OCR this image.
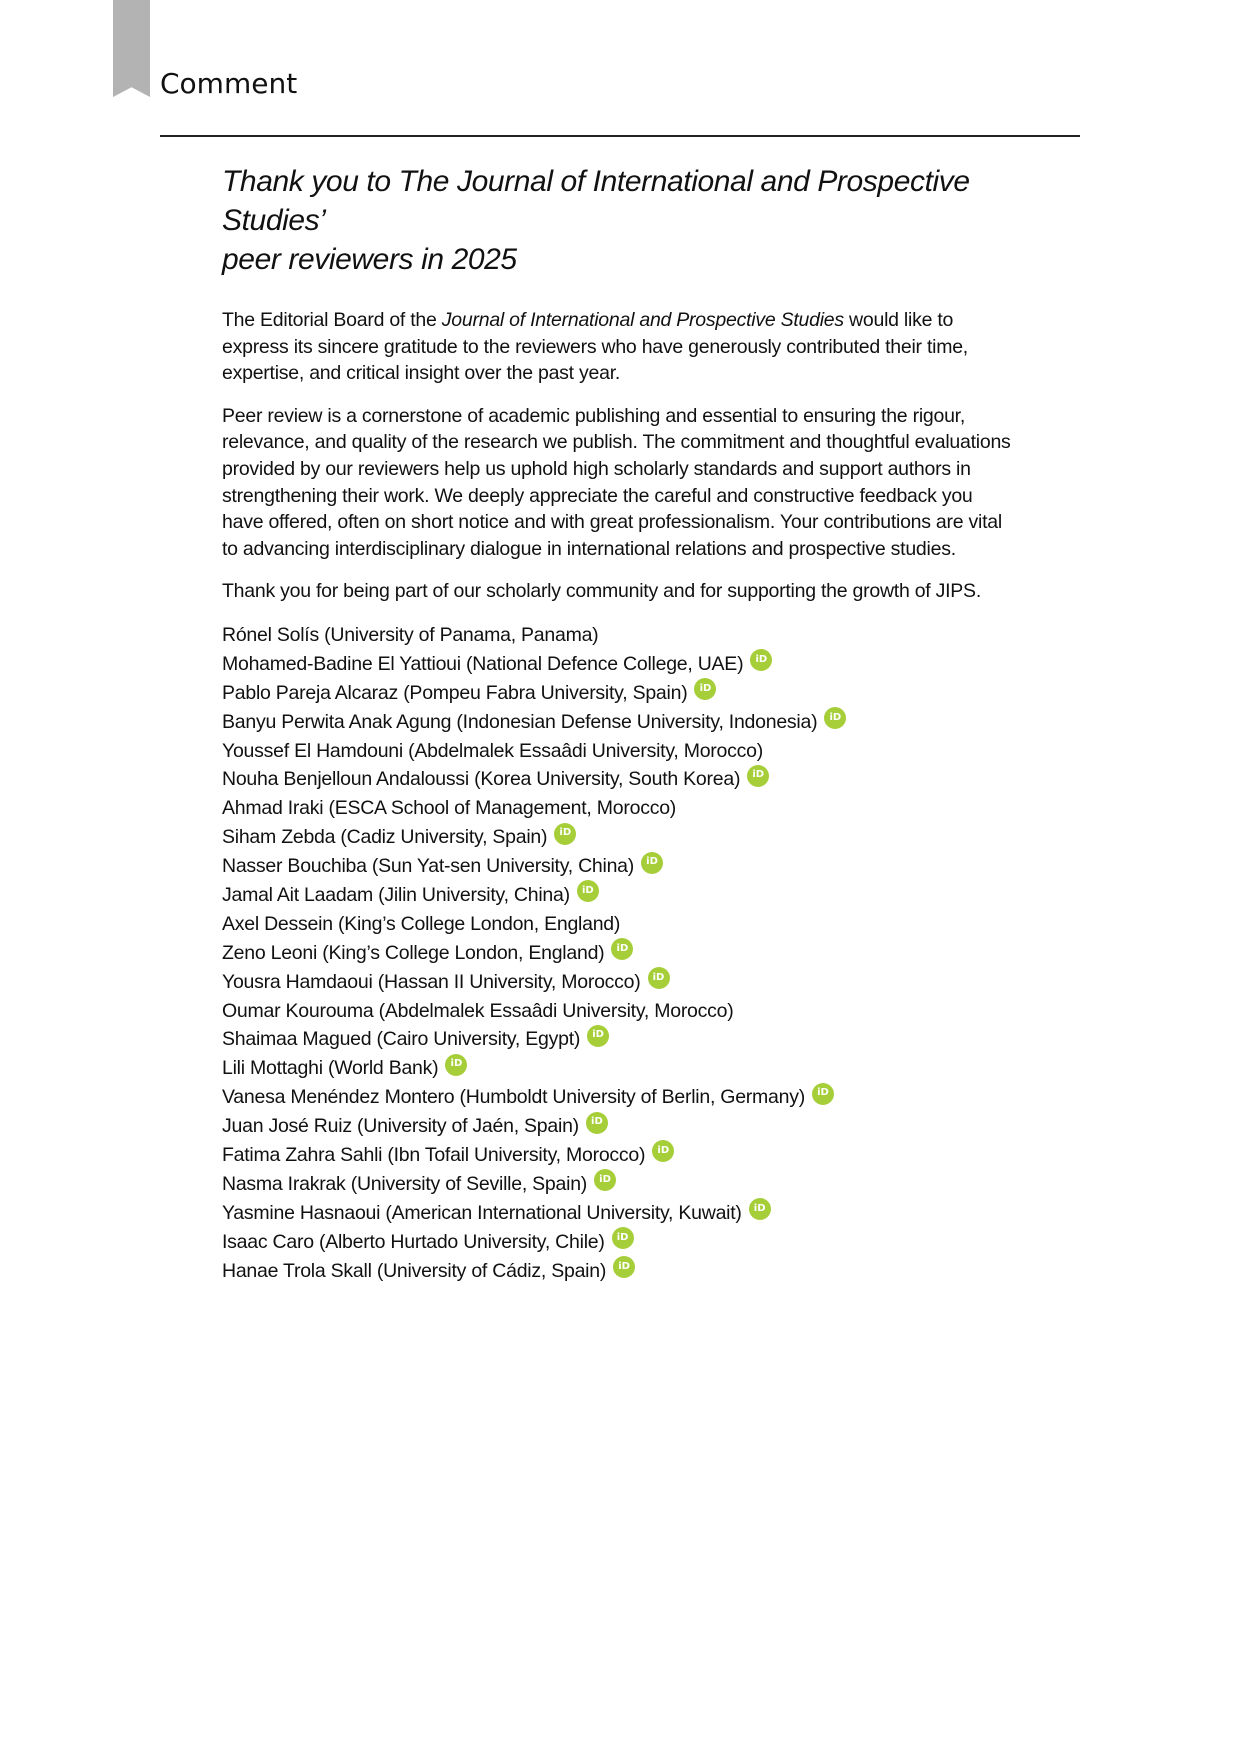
Comment
Thank you to The Journal of International and Prospective Studies’
peer reviewers in 2025

The Editorial Board of the Journal of International and Prospective Studies would like to express its sincere gratitude to the reviewers who have generously contributed their time, expertise, and critical insight over the past year.

Peer review is a cornerstone of academic publishing and essential to ensuring the rigour, relevance, and quality of the research we publish. The commitment and thoughtful evaluations provided by our reviewers help us uphold high scholarly standards and support authors in strengthening their work. We deeply appreciate the careful and constructive feedback you have offered, often on short notice and with great professionalism. Your contributions are vital to advancing interdisciplinary dialogue in international relations and prospective studies.

Thank you for being part of our scholarly community and for supporting the growth of JIPS.

Rónel Solís (University of Panama, Panama)
Mohamed-Badine El Yattioui (National Defence College, UAE)	iD
Pablo Pareja Alcaraz (Pompeu Fabra University, Spain)	iD
Banyu Perwita Anak Agung (Indonesian Defense University, Indonesia)	iD
Youssef El Hamdouni (Abdelmalek Essaâdi University, Morocco)
Nouha Benjelloun Andaloussi (Korea University, South Korea)	iD
Ahmad Iraki (ESCA School of Management, Morocco)
Siham Zebda (Cadiz University, Spain)	iD
Nasser Bouchiba (Sun Yat-sen University, China)	iD
Jamal Ait Laadam (Jilin University, China)	iD
Axel Dessein (King’s College London, England)
Zeno Leoni (King’s College London, England)	iD
Yousra Hamdaoui (Hassan II University, Morocco)	iD
Oumar Kourouma (Abdelmalek Essaâdi University, Morocco)
Shaimaa Magued (Cairo University, Egypt)	iD
Lili Mottaghi (World Bank)	iD
Vanesa Menéndez Montero (Humboldt University of Berlin, Germany)	iD
Juan José Ruiz (University of Jaén, Spain)	iD
Fatima Zahra Sahli (Ibn Tofail University, Morocco)	iD
Nasma Irakrak (University of Seville, Spain)	iD
Yasmine Hasnaoui (American International University, Kuwait)	iD
Isaac Caro (Alberto Hurtado University, Chile)	iD
Hanae Trola Skall (University of Cádiz, Spain)	iD
